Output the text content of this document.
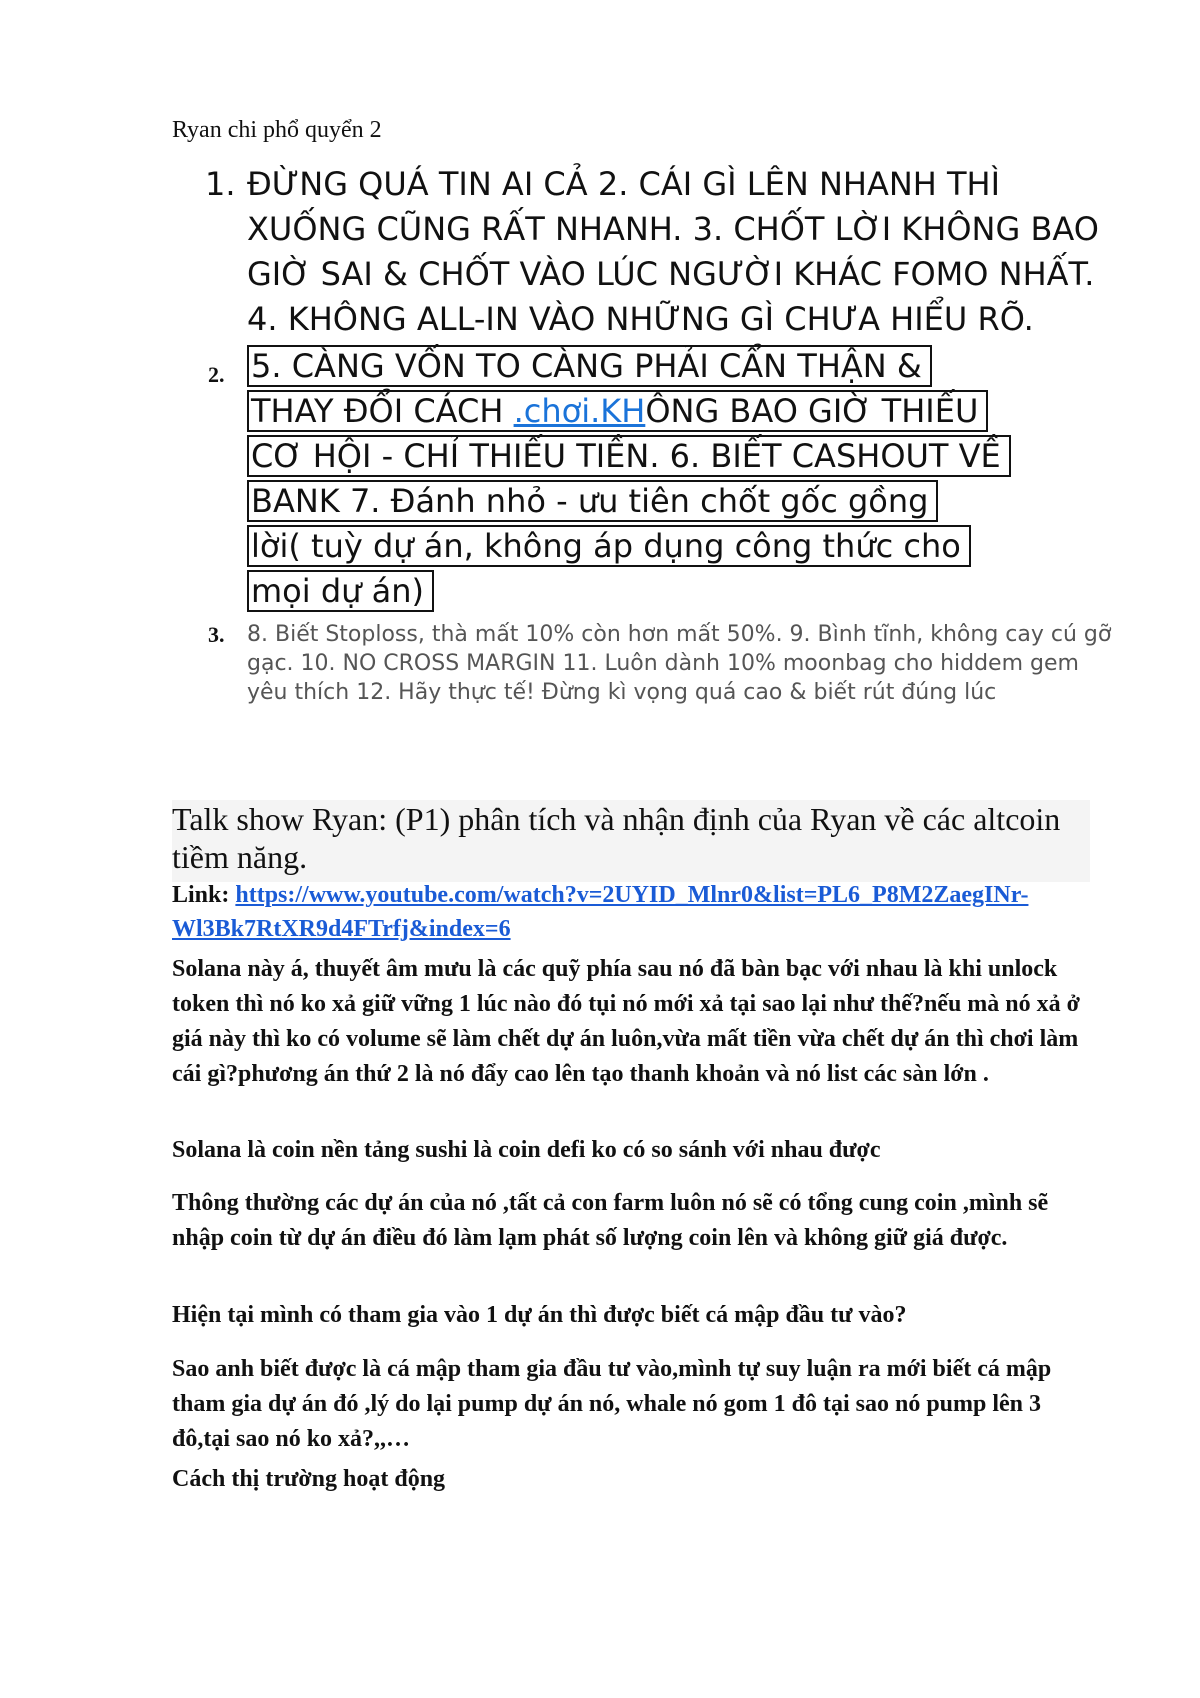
Ryan chi phổ quyển 2

1. ĐỪNG QUÁ TIN AI CẢ 2. CÁI GÌ LÊN NHANH THÌ XUỐNG CŨNG RẤT NHANH. 3. CHỐT LỜI KHÔNG BAO GIỜ SAI & CHỐT VÀO LÚC NGƯỜI KHÁC FOMO NHẤT. 4. KHÔNG ALL-IN VÀO NHỮNG GÌ CHƯA HIỂU RÕ.
2. 5. CÀNG VỐN TO CÀNG PHẢI CẨN THẬN &
THAY ĐỔI CÁCH .chơi.KHÔNG BAO GIỜ THIẾU
CƠ HỘI - CHỈ THIẾU TIỀN. 6. BIẾT CASHOUT VỀ
BANK 7. Đánh nhỏ - ưu tiên chốt gốc gồng
lời( tuỳ dự án, không áp dụng công thức cho
mọi dự án)
3. 8. Biết Stoploss, thà mất 10% còn hơn mất 50%. 9. Bình tĩnh, không cay cú gỡ gạc. 10. NO CROSS MARGIN 11. Luôn dành 10% moonbag cho hiddem gem yêu thích 12. Hãy thực tế! Đừng kì vọng quá cao & biết rút đúng lúc

Talk show Ryan: (P1) phân tích và nhận định của Ryan về các altcoin tiềm năng.

Link: https://www.youtube.com/watch?v=2UYID_Mlnr0&list=PL6_P8M2ZaegINr-Wl3Bk7RtXR9d4FTrfj&index=6

Solana này á, thuyết âm mưu là các quỹ phía sau nó đã bàn bạc với nhau là khi unlock token thì nó ko xả giữ vững 1 lúc nào đó tụi nó mới xả tại sao lại như thế?nếu mà nó xả ở giá này thì ko có volume sẽ làm chết dự án luôn,vừa mất tiền vừa chết dự án thì chơi làm cái gì?phương án thứ 2 là nó đẩy cao lên tạo thanh khoản và nó list các sàn lớn .

Solana là coin nền tảng sushi là coin defi ko có so sánh với nhau được

Thông thường các dự án của nó ,tất cả con farm luôn nó sẽ có tổng cung coin ,mình sẽ nhập coin từ dự án điều đó làm lạm phát số lượng coin lên và không giữ giá được.

Hiện tại mình có tham gia vào 1 dự án thì được biết cá mập đầu tư vào?

Sao anh biết được là cá mập tham gia đầu tư vào,mình tự suy luận ra mới biết cá mập tham gia dự án đó ,lý do lại pump dự án nó, whale nó gom 1 đô tại sao nó pump lên 3 đô,tại sao nó ko xả?,,…

Cách thị trường hoạt động
